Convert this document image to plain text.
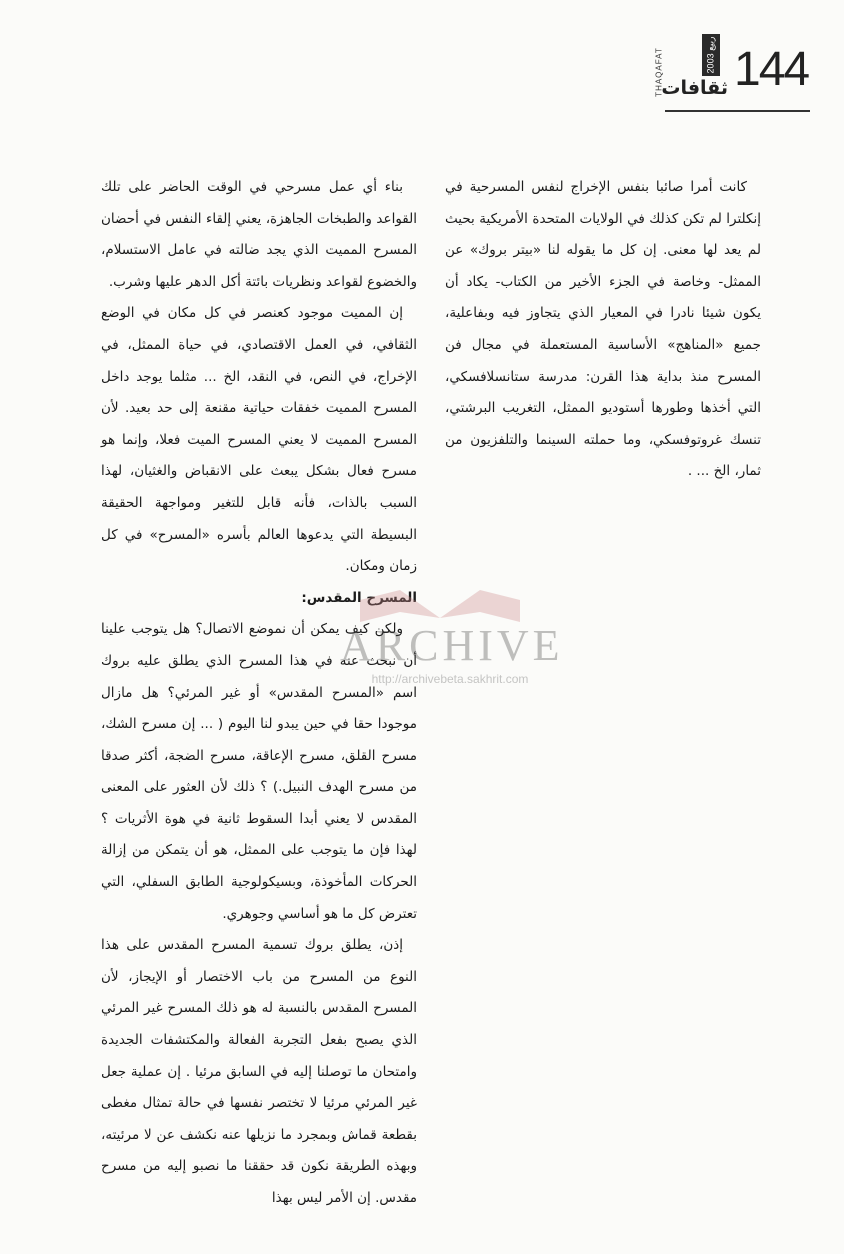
144
ثقافات
ربيع 2003
THAQAFAT

كانت أمرا صائبا بنفس الإخراج لنفس المسرحية في إنكلترا لم تكن كذلك في الولايات المتحدة الأمريكية بحيث لم يعد لها معنى. إن كل ما يقوله لنا «بيتر بروك» عن الممثل- وخاصة في الجزء الأخير من الكتاب- يكاد أن يكون شيئا نادرا في المعيار الذي يتجاوز فيه وبفاعلية، جميع «المناهج» الأساسية المستعملة في مجال فن المسرح منذ بداية هذا القرن: مدرسة ستانسلافسكي، التي أخذها وطورها أستوديو الممثل، التغريب البرشتي، تنسك غروتوفسكي، وما حملته السينما والتلفزيون من ثمار، الخ ... .

بناء أي عمل مسرحي في الوقت الحاضر على تلك القواعد والطبخات الجاهزة، يعني إلقاء النفس في أحضان المسرح المميت الذي يجد ضالته في عامل الاستسلام، والخضوع لقواعد ونظريات بائتة أكل الدهر عليها وشرب.

إن المميت موجود كعنصر في كل مكان في الوضع الثقافي، في العمل الاقتصادي، في حياة الممثل، في الإخراج، في النص، في النقد، الخ ... مثلما يوجد داخل المسرح المميت خفقات حياتية مقنعة إلى حد بعيد. لأن المسرح المميت لا يعني المسرح الميت فعلا، وإنما هو مسرح فعال بشكل يبعث على الانقباض والغثيان، لهذا السبب بالذات، فأنه قابل للتغير ومواجهة الحقيقة البسيطة التي يدعوها العالم بأسره «المسرح» في كل زمان ومكان.

المسرح المقدس:

ولكن كيف يمكن أن نموضع الاتصال؟ هل يتوجب علينا أن نبحث عنه في هذا المسرح الذي يطلق عليه بروك اسم «المسرح المقدس» أو غير المرئي؟ هل مازال موجودا حقا في حين يبدو لنا اليوم ( ... إن مسرح الشك، مسرح القلق، مسرح الإعاقة، مسرح الضجة، أكثر صدقا من مسرح الهدف النبيل.) ؟ ذلك لأن العثور على المعنى المقدس لا يعني أبدا السقوط ثانية في هوة الأثريات ؟ لهذا فإن ما يتوجب على الممثل، هو أن يتمكن من إزالة الحركات المأخوذة، وبسيكولوجية الطابق السفلي، التي تعترض كل ما هو أساسي وجوهري.

إذن، يطلق بروك تسمية المسرح المقدس على هذا النوع من المسرح من باب الاختصار أو الإيجاز، لأن المسرح المقدس بالنسبة له هو ذلك المسرح غير المرئي الذي يصبح بفعل التجربة الفعالة والمكتشفات الجديدة وامتحان ما توصلنا إليه في السابق مرئيا . إن عملية جعل غير المرئي مرئيا لا تختصر نفسها في حالة تمثال مغطى بقطعة قماش وبمجرد ما نزيلها عنه نكشف عن لا مرئيته، وبهذه الطريقة نكون قد حققنا ما نصبو إليه من مسرح مقدس. إن الأمر ليس بهذا

ARCHIVE
http://archivebeta.sakhrit.com
